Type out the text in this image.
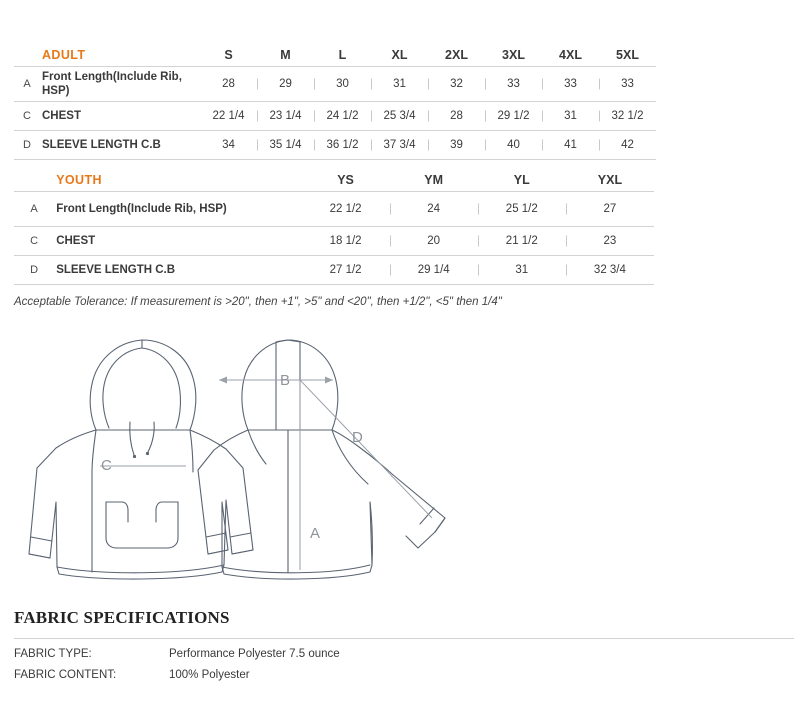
	ADULT	S	M	L	XL	2XL	3XL	4XL	5XL
A	Front Length(Include Rib, HSP)	28	29	30	31	32	33	33	33
C	CHEST	22 1/4	23 1/4	24 1/2	25 3/4	28	29 1/2	31	32 1/2
D	SLEEVE LENGTH C.B	34	35 1/4	36 1/2	37 3/4	39	40	41	42
	YOUTH	YS	YM	YL	YXL
A	Front Length(Include Rib, HSP)	22 1/2	24	25 1/2	27
C	CHEST	18 1/2	20	21 1/2	23
D	SLEEVE LENGTH C.B	27 1/2	29 1/4	31	32 3/4
Acceptable Tolerance: If measurement is >20", then +1", >5" and <20", then +1/2", <5" then 1/4"
C
B
A
D
FABRIC SPECIFICATIONS
FABRIC TYPE:	Performance Polyester 7.5 ounce
FABRIC CONTENT:	100% Polyester
